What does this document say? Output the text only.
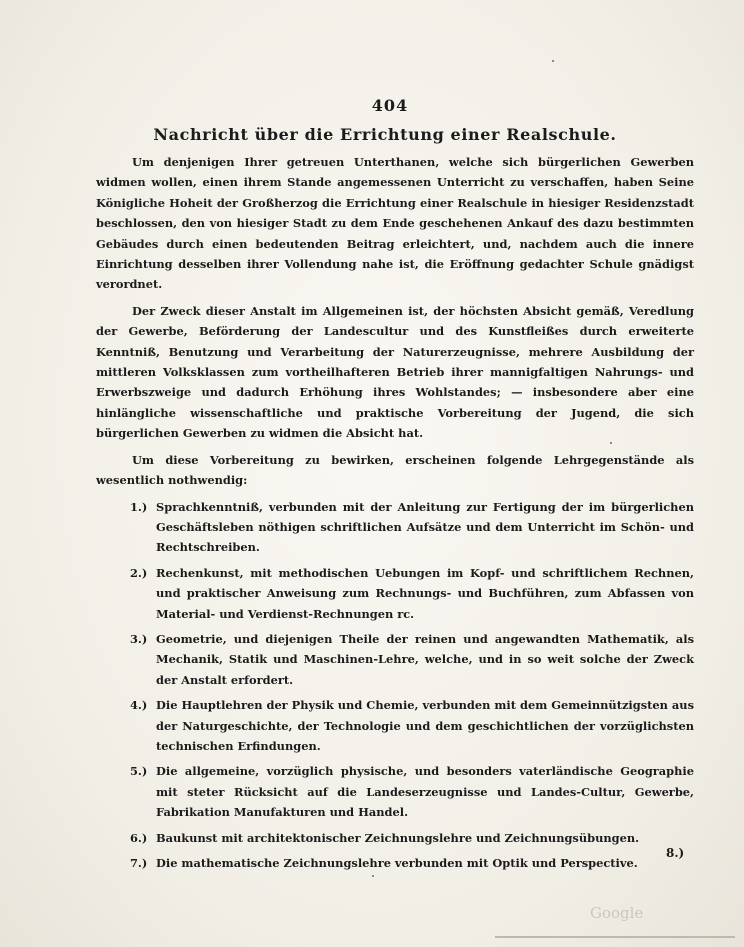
404
Nachricht über die Errichtung einer Realschule.

Um denjenigen Ihrer getreuen Unterthanen, welche sich bürgerlichen Gewerben widmen wollen, einen ihrem Stande angemessenen Unterricht zu verschaffen, haben Seine Königliche Hoheit der Großherzog die Errichtung einer Realschule in hiesiger Residenzstadt beschlossen, den von hiesiger Stadt zu dem Ende geschehenen Ankauf des dazu bestimmten Gebäudes durch einen bedeutenden Beitrag erleichtert, und, nachdem auch die innere Einrichtung desselben ihrer Vollendung nahe ist, die Eröffnung gedachter Schule gnädigst verordnet.

Der Zweck dieser Anstalt im Allgemeinen ist, der höchsten Absicht gemäß, Veredlung der Gewerbe, Beförderung der Landescultur und des Kunstfleißes durch erweiterte Kenntniß, Benutzung und Verarbeitung der Naturerzeugnisse, mehrere Ausbildung der mittleren Volksklassen zum vortheilhafteren Betrieb ihrer mannigfaltigen Nahrungs- und Erwerbszweige und dadurch Erhöhung ihres Wohlstandes; — insbesondere aber eine hinlängliche wissenschaftliche und praktische Vorbereitung der Jugend, die sich bürgerlichen Gewerben zu widmen die Absicht hat.

Um diese Vorbereitung zu bewirken, erscheinen folgende Lehrgegenstände als wesentlich nothwendig:

1.) Sprachkenntniß, verbunden mit der Anleitung zur Fertigung der im bürgerlichen Geschäftsleben nöthigen schriftlichen Aufsätze und dem Unterricht im Schön- und Rechtschreiben.
2.) Rechenkunst, mit methodischen Uebungen im Kopf- und schriftlichem Rechnen, und praktischer Anweisung zum Rechnungs- und Buchführen, zum Abfassen von Material- und Verdienst-Rechnungen rc.
3.) Geometrie, und diejenigen Theile der reinen und angewandten Mathematik, als Mechanik, Statik und Maschinen-Lehre, welche, und in so weit solche der Zweck der Anstalt erfordert.
4.) Die Hauptlehren der Physik und Chemie, verbunden mit dem Gemeinnützigsten aus der Naturgeschichte, der Technologie und dem geschichtlichen der vorzüglichsten technischen Erfindungen.
5.) Die allgemeine, vorzüglich physische, und besonders vaterländische Geographie mit steter Rücksicht auf die Landeserzeugnisse und Landes-Cultur, Gewerbe, Fabrikation Manufakturen und Handel.
6.) Baukunst mit architektonischer Zeichnungslehre und Zeichnungsübungen.
7.) Die mathematische Zeichnungslehre verbunden mit Optik und Perspective.
8.)
Google
